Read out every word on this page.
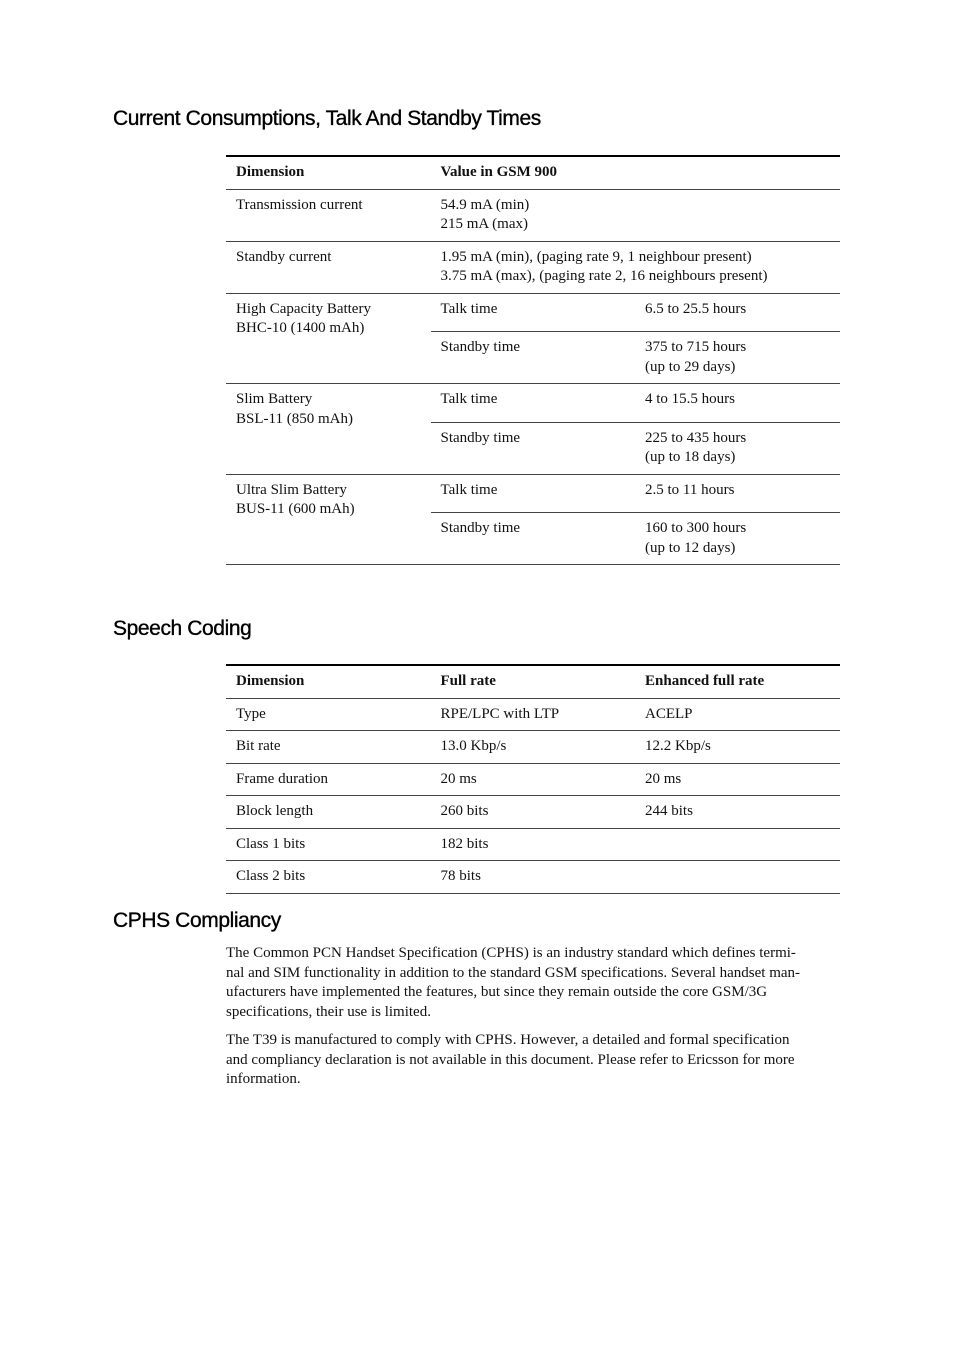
Current Consumptions, Talk And Standby Times
Dimension	Value in GSM 900	
Transmission current	54.9 mA (min)
215 mA (max)	
Standby current	1.95 mA (min), (paging rate 9, 1 neighbour present)
3.75 mA (max), (paging rate 2, 16 neighbours present)	
High Capacity Battery
BHC-10 (1400 mAh)	Talk time	6.5 to 25.5 hours
	Standby time	375 to 715 hours
(up to 29 days)
Slim Battery
BSL-11 (850 mAh)	Talk time	4 to 15.5 hours
	Standby time	225 to 435 hours
(up to 18 days)
Ultra Slim Battery
BUS-11 (600 mAh)	Talk time	2.5 to 11 hours
	Standby time	160 to 300 hours
(up to 12 days)
Speech Coding
Dimension	Full rate	Enhanced full rate
Type	RPE/LPC with LTP	ACELP
Bit rate	13.0 Kbp/s	12.2 Kbp/s
Frame duration	20 ms	20 ms
Block length	260 bits	244 bits
Class 1 bits	182 bits	
Class 2 bits	78 bits	
CPHS Compliancy
The Common PCN Handset Specification (CPHS) is an industry standard which defines termi-
nal and SIM functionality in addition to the standard GSM specifications. Several handset man-
ufacturers have implemented the features, but since they remain outside the core GSM/3G
specifications, their use is limited.
The T39 is manufactured to comply with CPHS. However, a detailed and formal specification
and compliancy declaration is not available in this document. Please refer to Ericsson for more
information.
